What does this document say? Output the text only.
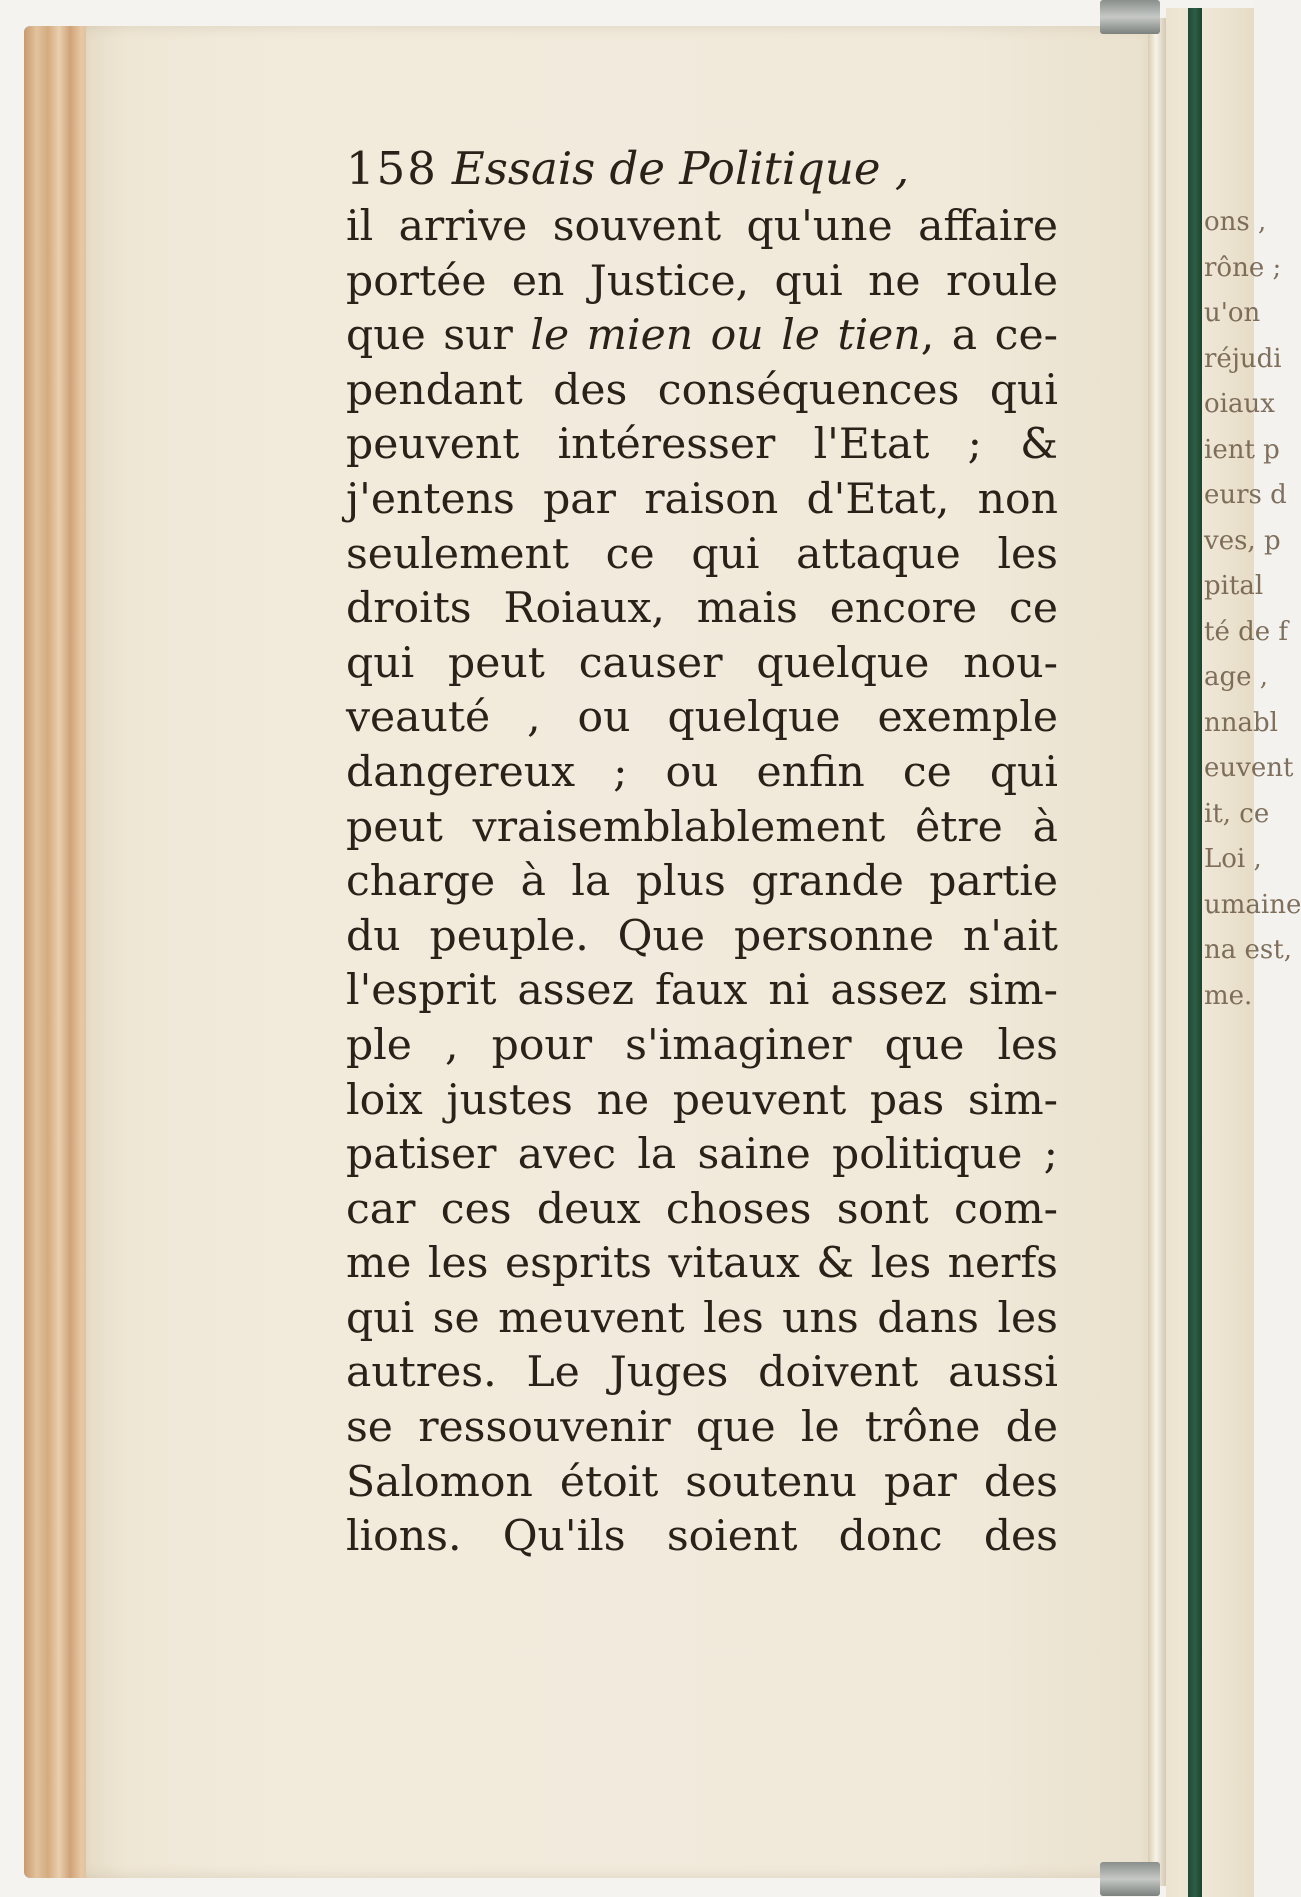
ons ,
rône ;
u'on
réjudi
oiaux
ient p
eurs d
ves, p
pital
té de f
age ,
nnabl
euvent
it, ce
Loi ,
umaine
na est,
me.
158 Essais de Politique ,
il arrive souvent qu'une affaire
portée en Justice, qui ne roule
que sur le mien ou le tien, a ce-
pendant des conséquences qui
peuvent intéresser l'Etat ; &
j'entens par raison d'Etat, non
seulement ce qui attaque les
droits Roiaux, mais encore ce
qui peut causer quelque nou-
veauté , ou quelque exemple
dangereux ; ou enfin ce qui
peut vraisemblablement être à
charge à la plus grande partie
du peuple. Que personne n'ait
l'esprit assez faux ni assez sim-
ple , pour s'imaginer que les
loix justes ne peuvent pas sim-
patiser avec la saine politique ;
car ces deux choses sont com-
me les esprits vitaux & les nerfs
qui se meuvent les uns dans les
autres. Le Juges doivent aussi
se ressouvenir que le trône de
Salomon étoit soutenu par des
lions. Qu'ils soient donc des
